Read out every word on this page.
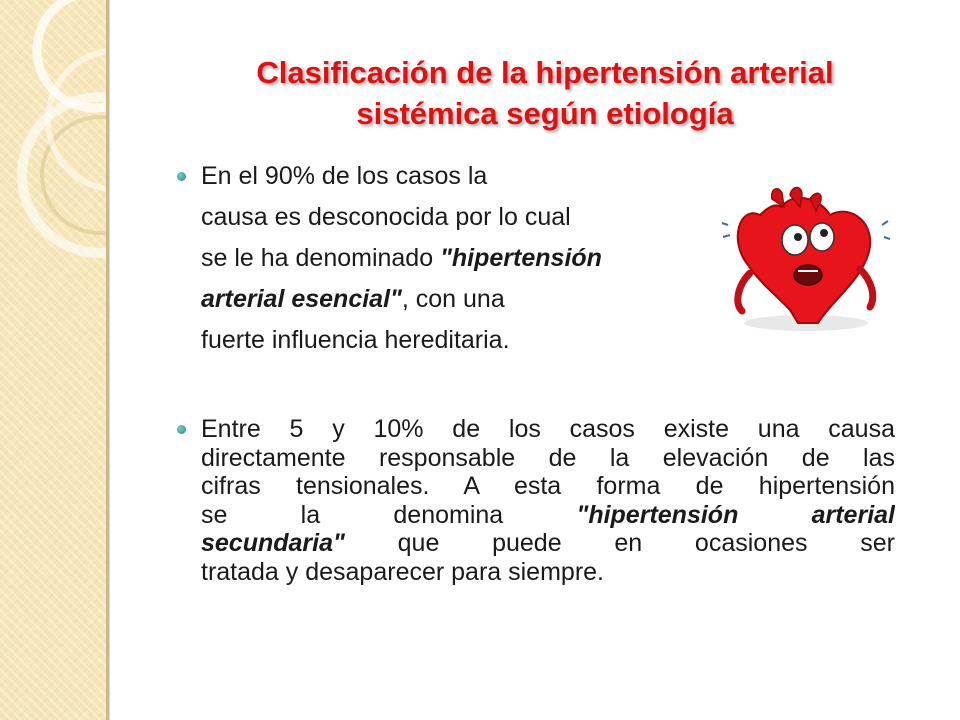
Clasificación de la hipertensión arterial
sistémica según etiología
En el 90% de los casos la
causa es desconocida por lo cual
se le ha denominado "hipertensión
arterial esencial", con una
fuerte influencia hereditaria.
Entre 5 y 10% de los casos existe una causa
directamente responsable de la elevación de las
cifras tensionales. A esta forma de hipertensión
se la denomina "hipertensión arterial
secundaria" que puede en ocasiones ser
tratada y desaparecer para siempre.
